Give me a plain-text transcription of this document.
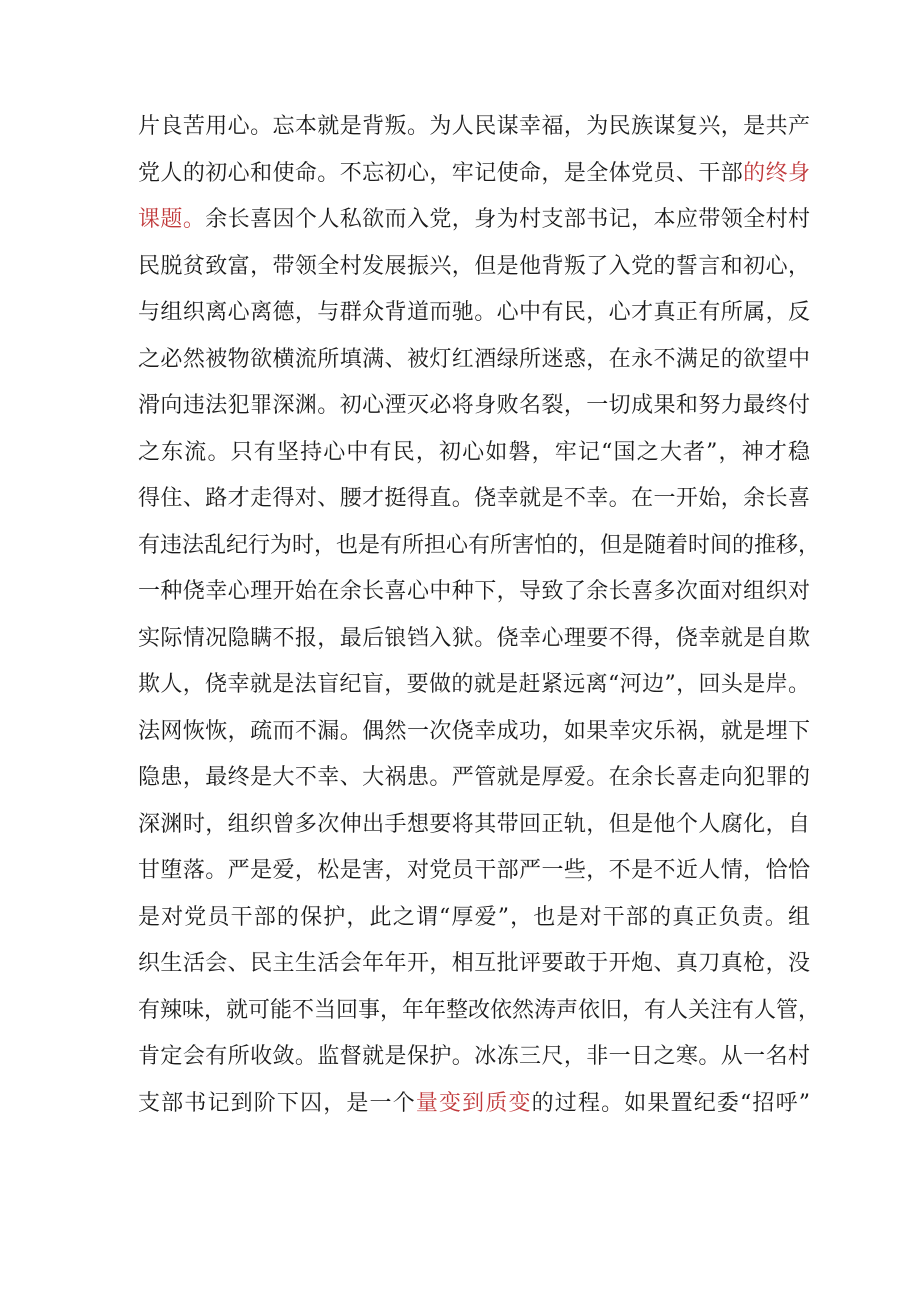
片良苦用心。忘本就是背叛。为人民谋幸福，为民族谋复兴，是共产
党人的初心和使命。不忘初心，牢记使命，是全体党员、干部的终身
课题。余长喜因个人私欲而入党，身为村支部书记，本应带领全村村
民脱贫致富，带领全村发展振兴，但是他背叛了入党的誓言和初心，
与组织离心离德，与群众背道而驰。心中有民，心才真正有所属，反
之必然被物欲横流所填满、被灯红酒绿所迷惑，在永不满足的欲望中
滑向违法犯罪深渊。初心湮灭必将身败名裂，一切成果和努力最终付
之东流。只有坚持心中有民，初心如磐，牢记“国之大者”，神才稳
得住、路才走得对、腰才挺得直。侥幸就是不幸。在一开始，余长喜
有违法乱纪行为时，也是有所担心有所害怕的，但是随着时间的推移，
一种侥幸心理开始在余长喜心中种下，导致了余长喜多次面对组织对
实际情况隐瞒不报，最后锒铛入狱。侥幸心理要不得，侥幸就是自欺
欺人，侥幸就是法盲纪盲，要做的就是赶紧远离“河边”，回头是岸。
法网恢恢，疏而不漏。偶然一次侥幸成功，如果幸灾乐祸，就是埋下
隐患，最终是大不幸、大祸患。严管就是厚爱。在余长喜走向犯罪的
深渊时，组织曾多次伸出手想要将其带回正轨，但是他个人腐化，自
甘堕落。严是爱，松是害，对党员干部严一些，不是不近人情，恰恰
是对党员干部的保护，此之谓“厚爱”，也是对干部的真正负责。组
织生活会、民主生活会年年开，相互批评要敢于开炮、真刀真枪，没
有辣味，就可能不当回事，年年整改依然涛声依旧，有人关注有人管，
肯定会有所收敛。监督就是保护。冰冻三尺，非一日之寒。从一名村
支部书记到阶下囚，是一个量变到质变的过程。如果置纪委“招呼”
